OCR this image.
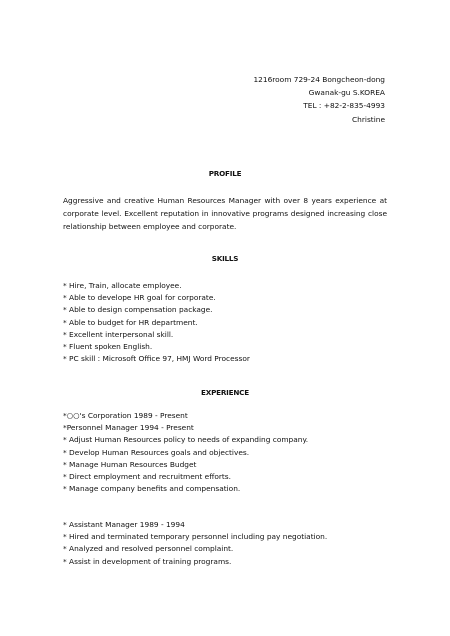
1216room 729-24 Bongcheon-dong
Gwanak-gu S.KOREA
TEL : +82-2-835-4993
Christine
PROFILE
Aggressive and creative Human Resources Manager with over 8 years experience at corporate level. Excellent reputation in innovative programs designed increasing close relationship between employee and corporate.
SKILLS
* Hire, Train, allocate employee.
* Able to develope HR goal for corporate.
* Able to design compensation package.
* Able to budget for HR department.
* Excellent interpersonal skill.
* Fluent spoken English.
* PC skill : Microsoft Office 97, HMJ Word Processor
EXPERIENCE
*○○'s Corporation 1989 - Present
*Personnel Manager 1994 - Present
* Adjust Human Resources policy to needs of expanding company.
* Develop Human Resources goals and objectives.
* Manage Human Resources Budget
* Direct employment and recruitment efforts.
* Manage company benefits and compensation.
* Assistant Manager 1989 - 1994
* Hired and terminated temporary personnel including pay negotiation.
* Analyzed and resolved personnel complaint.
* Assist in development of training programs.
